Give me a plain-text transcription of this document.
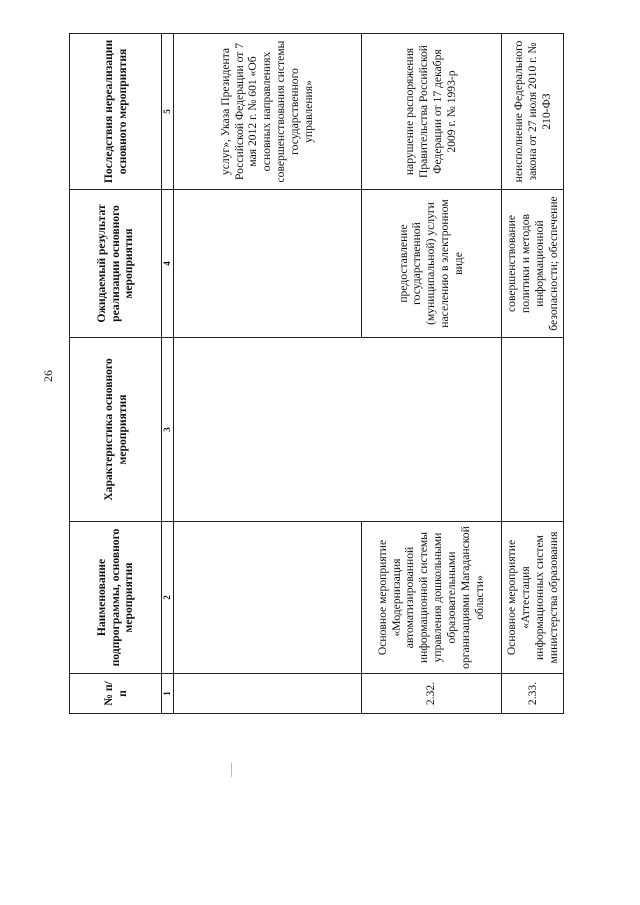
26
№ п/п	Наименование подпрограммы, основного мероприятия	Характеристика основного мероприятия	Ожидаемый результат реализации основного мероприятия	Последствия нереализации основного мероприятия
1	2	3	4	5
				услуг», Указа Президента Российской Федерации от 7 мая 2012 г. № 601 «Об основных направлениях совершенствования системы государственного управления»
2.32.	Основное мероприятие «Модернизация автоматизированной информационной системы управления дошкольными образовательными организациями Магаданской области»		предоставление государственной (муниципальной) услуги населению в электронном виде	нарушение распоряжения Правительства Российской Федерации от 17 декабря 2009 г. № 1993-р
2.33.	Основное мероприятие «Аттестация информационных систем министерства образования		совершенствование политики и методов информационной безопасности; обеспечение	неисполнение Федерального закона от 27 июля 2010 г. № 210-ФЗ
